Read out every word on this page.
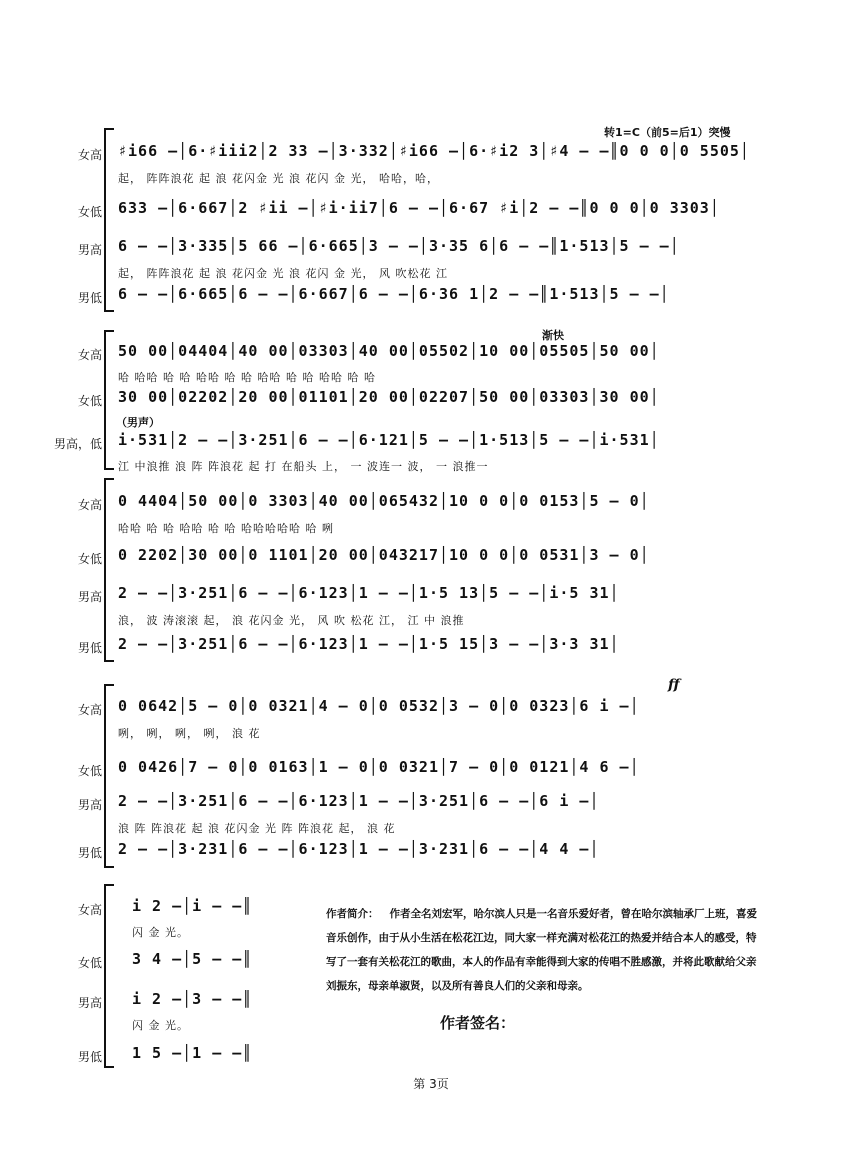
转1=C（前5=后1）突慢
渐快
（男声）
ff
作者简介： 作者全名刘宏军，哈尔滨人只是一名音乐爱好者，曾在哈尔滨轴承厂上班，喜爱音乐创作，由于从小生活在松花江边，同大家一样充满对松花江的热爱并结合本人的感受，特写了一套有关松花江的歌曲，本人的作品有幸能得到大家的传唱不胜感激，并将此歌献给父亲刘振东，母亲单淑贤，以及所有善良人们的父亲和母亲。
作者签名：
第 3页
女高 ♯i66 –│6·♯iii2│2 33 –│3·332│♯i66 –│6·♯i2 3│♯4 – –║0 0 0│0 5505│
起， 阵阵浪花 起 浪 花闪金 光 浪 花闪 金 光， 哈哈，哈，
女低 633 –│6·667│2 ♯ii –│♯i·ii7│6 – –│6·67 ♯i│2 – –║0 0 0│0 3303│
男高 6 – –│3·335│5 66 –│6·665│3 – –│3·35 6│6 – –║1·513│5 – –│
起， 阵阵浪花 起 浪 花闪金 光 浪 花闪 金 光， 风 吹松花 江
男低 6 – –│6·665│6 – –│6·667│6 – –│6·36 1│2 – –║1·513│5 – –│
女高 50 00│04404│40 00│03303│40 00│05502│10 00│05505│50 00│
哈 哈哈 哈 哈 哈哈 哈 哈 哈哈 哈 哈 哈哈 哈 哈
女低 30 00│02202│20 00│01101│20 00│02207│50 00│03303│30 00│
男高，低 i·531│2 – –│3·251│6 – –│6·121│5 – –│1·513│5 – –│i·531│
江 中浪推 浪 阵 阵浪花 起 打 在船头 上， 一 波连一 波， 一 浪推一
女高 0 4404│50 00│0 3303│40 00│065432│10 0 0│0 0153│5 – 0│
哈哈 哈 哈 哈哈 哈 哈 哈哈哈哈哈 哈 咧
女低 0 2202│30 00│0 1101│20 00│043217│10 0 0│0 0531│3 – 0│
男高 2 – –│3·251│6 – –│6·123│1 – –│1·5 13│5 – –│i·5 31│
浪， 波 涛滚滚 起， 浪 花闪金 光， 风 吹 松花 江， 江 中 浪推
男低 2 – –│3·251│6 – –│6·123│1 – –│1·5 15│3 – –│3·3 31│
女高 0 0642│5 – 0│0 0321│4 – 0│0 0532│3 – 0│0 0323│6 i –│
咧， 咧， 咧， 咧， 浪 花
女低 0 0426│7 – 0│0 0163│1 – 0│0 0321│7 – 0│0 0121│4 6 –│
男高 2 – –│3·251│6 – –│6·123│1 – –│3·251│6 – –│6 i –│
浪 阵 阵浪花 起 浪 花闪金 光 阵 阵浪花 起， 浪 花
男低 2 – –│3·231│6 – –│6·123│1 – –│3·231│6 – –│4 4 –│
女高 i 2 –│i – –║
闪 金 光。
女低 3 4 –│5 – –║
男高 i 2 –│3 – –║
闪 金 光。
男低 1 5 –│1 – –║
